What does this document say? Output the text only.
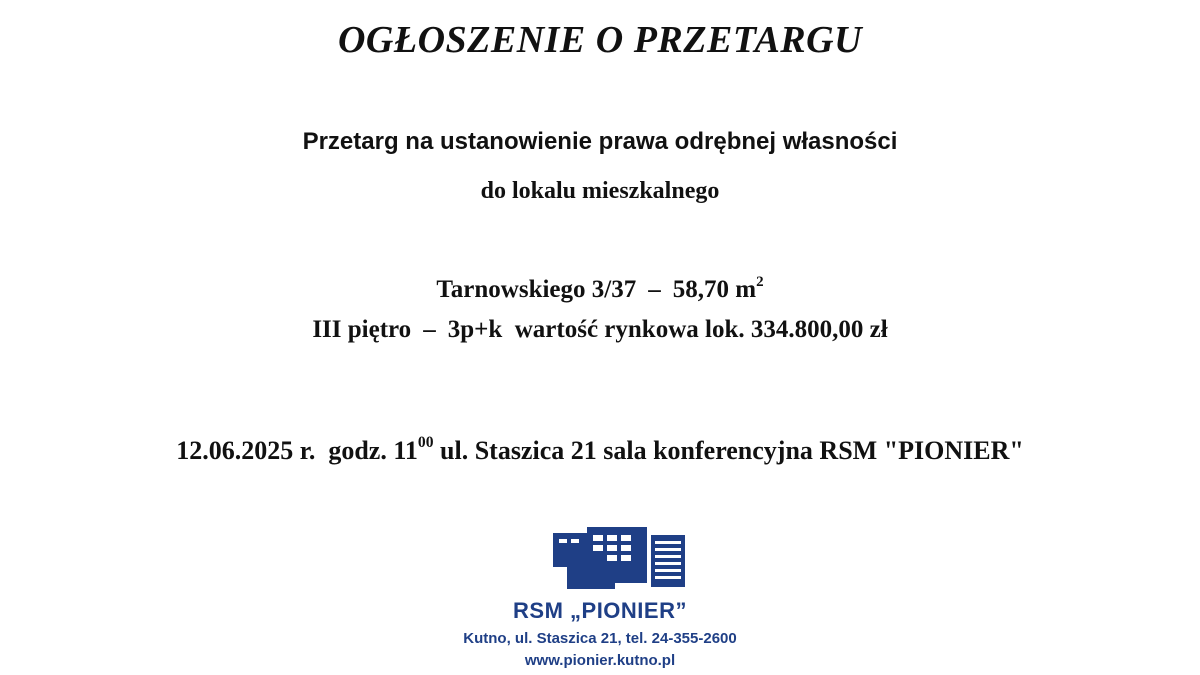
OGŁOSZENIE O PRZETARGU
Przetarg na ustanowienie prawa odrębnej własności
do lokalu mieszkalnego
Tarnowskiego 3/37 – 58,70 $m^2$
III piętro – 3p+k wartość rynkowa lok. 334.800,00 zł
12.06.2025 r. godz. $11^{00}$ ul. Staszica 21 sala konferencyjna RSM "PIONIER"
RSM „PIONIER”
Kutno, ul. Staszica 21, tel. 24-355-2600
www.pionier.kutno.pl
